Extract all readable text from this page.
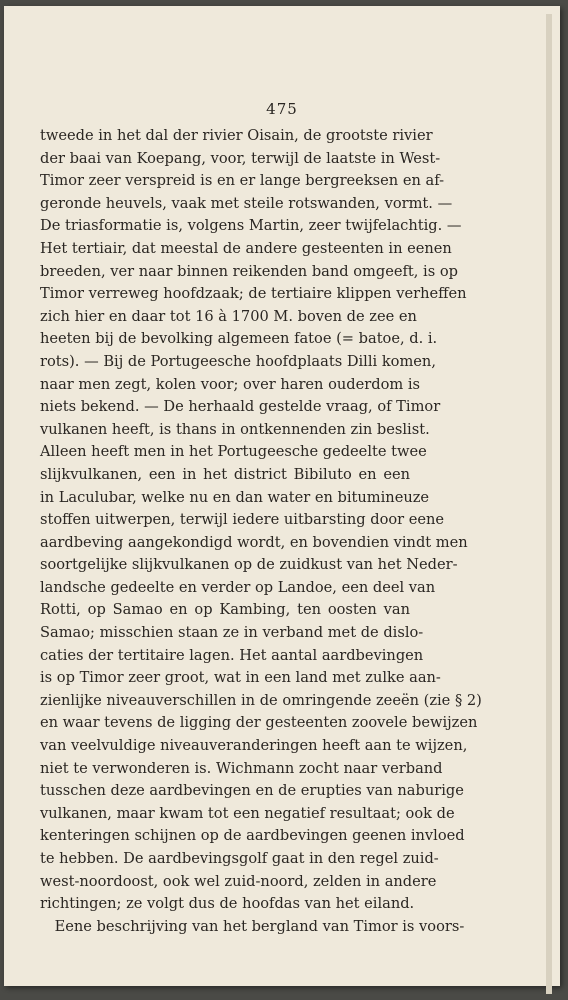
475
tweede in het dal der rivier Oisain, de grootste rivier
der baai van Koepang, voor, terwijl de laatste in West-
Timor zeer verspreid is en er lange bergreeksen en af-
geronde heuvels, vaak met steile rotswanden, vormt. —
De triasformatie is, volgens Martin, zeer twijfelachtig. —
Het tertiair, dat meestal de andere gesteenten in eenen
breeden, ver naar binnen reikenden band omgeeft, is op
Timor verreweg hoofdzaak; de tertiaire klippen verheffen
zich hier en daar tot 16 à 1700 M. boven de zee en
heeten bij de bevolking algemeen fatoe (= batoe, d. i.
rots). — Bij de Portugeesche hoofdplaats Dilli komen,
naar men zegt, kolen voor; over haren ouderdom is
niets bekend. — De herhaald gestelde vraag, of Timor
vulkanen heeft, is thans in ontkennenden zin beslist.
Alleen heeft men in het Portugeesche gedeelte twee
slijkvulkanen, een in het district Bibiluto en een
in Laculubar, welke nu en dan water en bitumineuze
stoffen uitwerpen, terwijl iedere uitbarsting door eene
aardbeving aangekondigd wordt, en bovendien vindt men
soortgelijke slijkvulkanen op de zuidkust van het Neder-
landsche gedeelte en verder op Landoe, een deel van
Rotti, op Samao en op Kambing, ten oosten van
Samao; misschien staan ze in verband met de dislo-
caties der tertitaire lagen. Het aantal aardbevingen
is op Timor zeer groot, wat in een land met zulke aan-
zienlijke niveauverschillen in de omringende zeeën (zie § 2)
en waar tevens de ligging der gesteenten zoovele bewijzen
van veelvuldige niveauveranderingen heeft aan te wijzen,
niet te verwonderen is. Wichmann zocht naar verband
tusschen deze aardbevingen en de erupties van naburige
vulkanen, maar kwam tot een negatief resultaat; ook de
kenteringen schijnen op de aardbevingen geenen invloed
te hebben. De aardbevingsgolf gaat in den regel zuid-
west-noordoost, ook wel zuid-noord, zelden in andere
richtingen; ze volgt dus de hoofdas van het eiland.
Eene beschrijving van het bergland van Timor is voors-
